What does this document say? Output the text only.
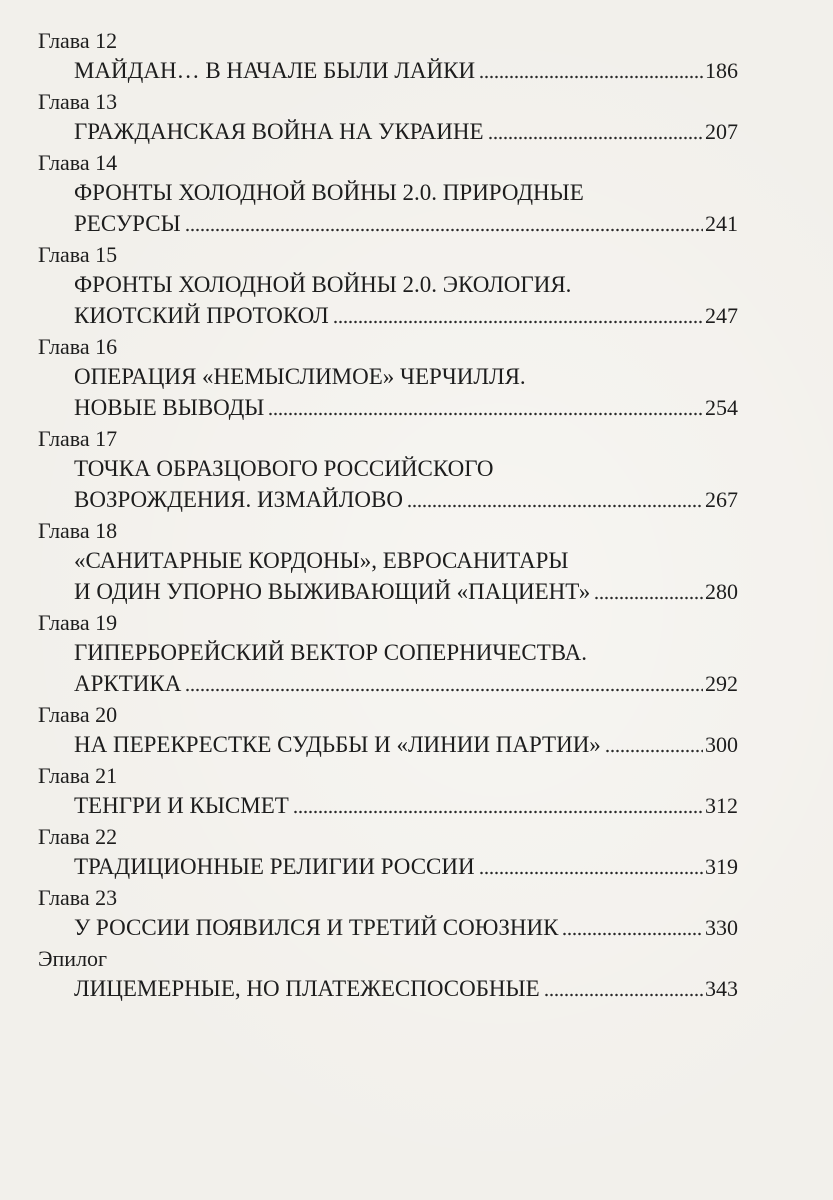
Глава 12
МАЙДАН… В НАЧАЛЕ БЫЛИ ЛАЙКИ	186
Глава 13
ГРАЖДАНСКАЯ ВОЙНА НА УКРАИНЕ	207
Глава 14
ФРОНТЫ ХОЛОДНОЙ ВОЙНЫ 2.0. ПРИРОДНЫЕ
РЕСУРСЫ	241
Глава 15
ФРОНТЫ ХОЛОДНОЙ ВОЙНЫ 2.0. ЭКОЛОГИЯ.
КИОТСКИЙ ПРОТОКОЛ	247
Глава 16
ОПЕРАЦИЯ «НЕМЫСЛИМОЕ» ЧЕРЧИЛЛЯ.
НОВЫЕ ВЫВОДЫ	254
Глава 17
ТОЧКА ОБРАЗЦОВОГО РОССИЙСКОГО
ВОЗРОЖДЕНИЯ. ИЗМАЙЛОВО	267
Глава 18
«САНИТАРНЫЕ КОРДОНЫ», ЕВРОСАНИТАРЫ
И ОДИН УПОРНО ВЫЖИВАЮЩИЙ «ПАЦИЕНТ»	280
Глава 19
ГИПЕРБОРЕЙСКИЙ ВЕКТОР СОПЕРНИЧЕСТВА.
АРКТИКА	292
Глава 20
НА ПЕРЕКРЕСТКЕ СУДЬБЫ И «ЛИНИИ ПАРТИИ»	300
Глава 21
ТЕНГРИ И КЫСМЕТ	312
Глава 22
ТРАДИЦИОННЫЕ РЕЛИГИИ РОССИИ	319
Глава 23
У РОССИИ ПОЯВИЛСЯ И ТРЕТИЙ СОЮЗНИК	330
Эпилог
ЛИЦЕМЕРНЫЕ, НО ПЛАТЕЖЕСПОСОБНЫЕ	343
